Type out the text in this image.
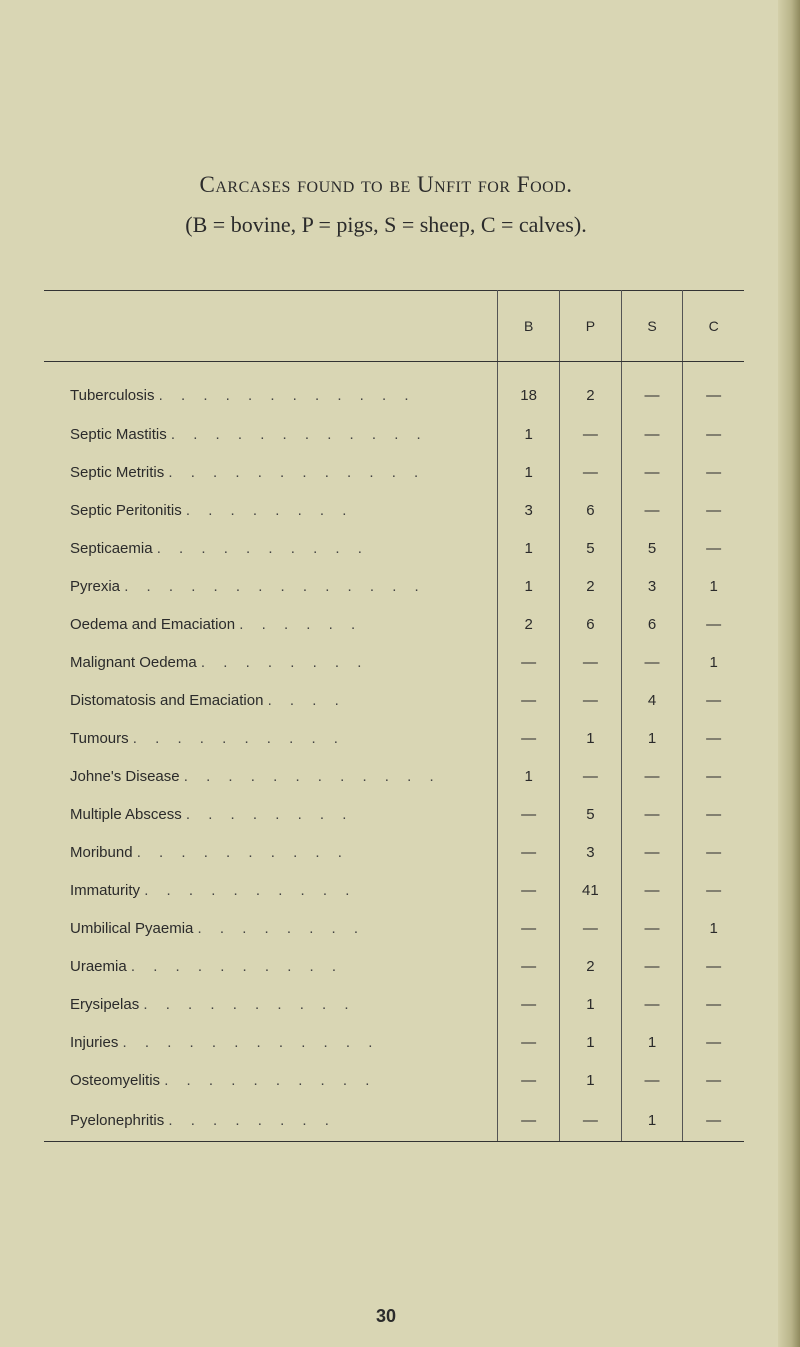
Carcases found to be Unfit for Food.
(B = bovine, P = pigs, S = sheep, C = calves).
	B	P	S	C
Tuberculosis . . . . . . . . . . . .	18	2	—	—
Septic Mastitis . . . . . . . . . . . .	1	—	—	—
Septic Metritis . . . . . . . . . . . .	1	—	—	—
Septic Peritonitis . . . . . . . .	3	6	—	—
Septicaemia . . . . . . . . . .	1	5	5	—
Pyrexia . . . . . . . . . . . . . .	1	2	3	1
Oedema and Emaciation . . . . . .	2	6	6	—
Malignant Oedema . . . . . . . .	—	—	—	1
Distomatosis and Emaciation . . . .	—	—	4	—
Tumours . . . . . . . . . .	—	1	1	—
Johne's Disease . . . . . . . . . . . .	1	—	—	—
Multiple Abscess . . . . . . . .	—	5	—	—
Moribund . . . . . . . . . .	—	3	—	—
Immaturity . . . . . . . . . .	—	41	—	—
Umbilical Pyaemia . . . . . . . .	—	—	—	1
Uraemia . . . . . . . . . .	—	2	—	—
Erysipelas . . . . . . . . . .	—	1	—	—
Injuries . . . . . . . . . . . .	—	1	1	—
Osteomyelitis . . . . . . . . . .	—	1	—	—
Pyelonephritis . . . . . . . .	—	—	1	—
30
